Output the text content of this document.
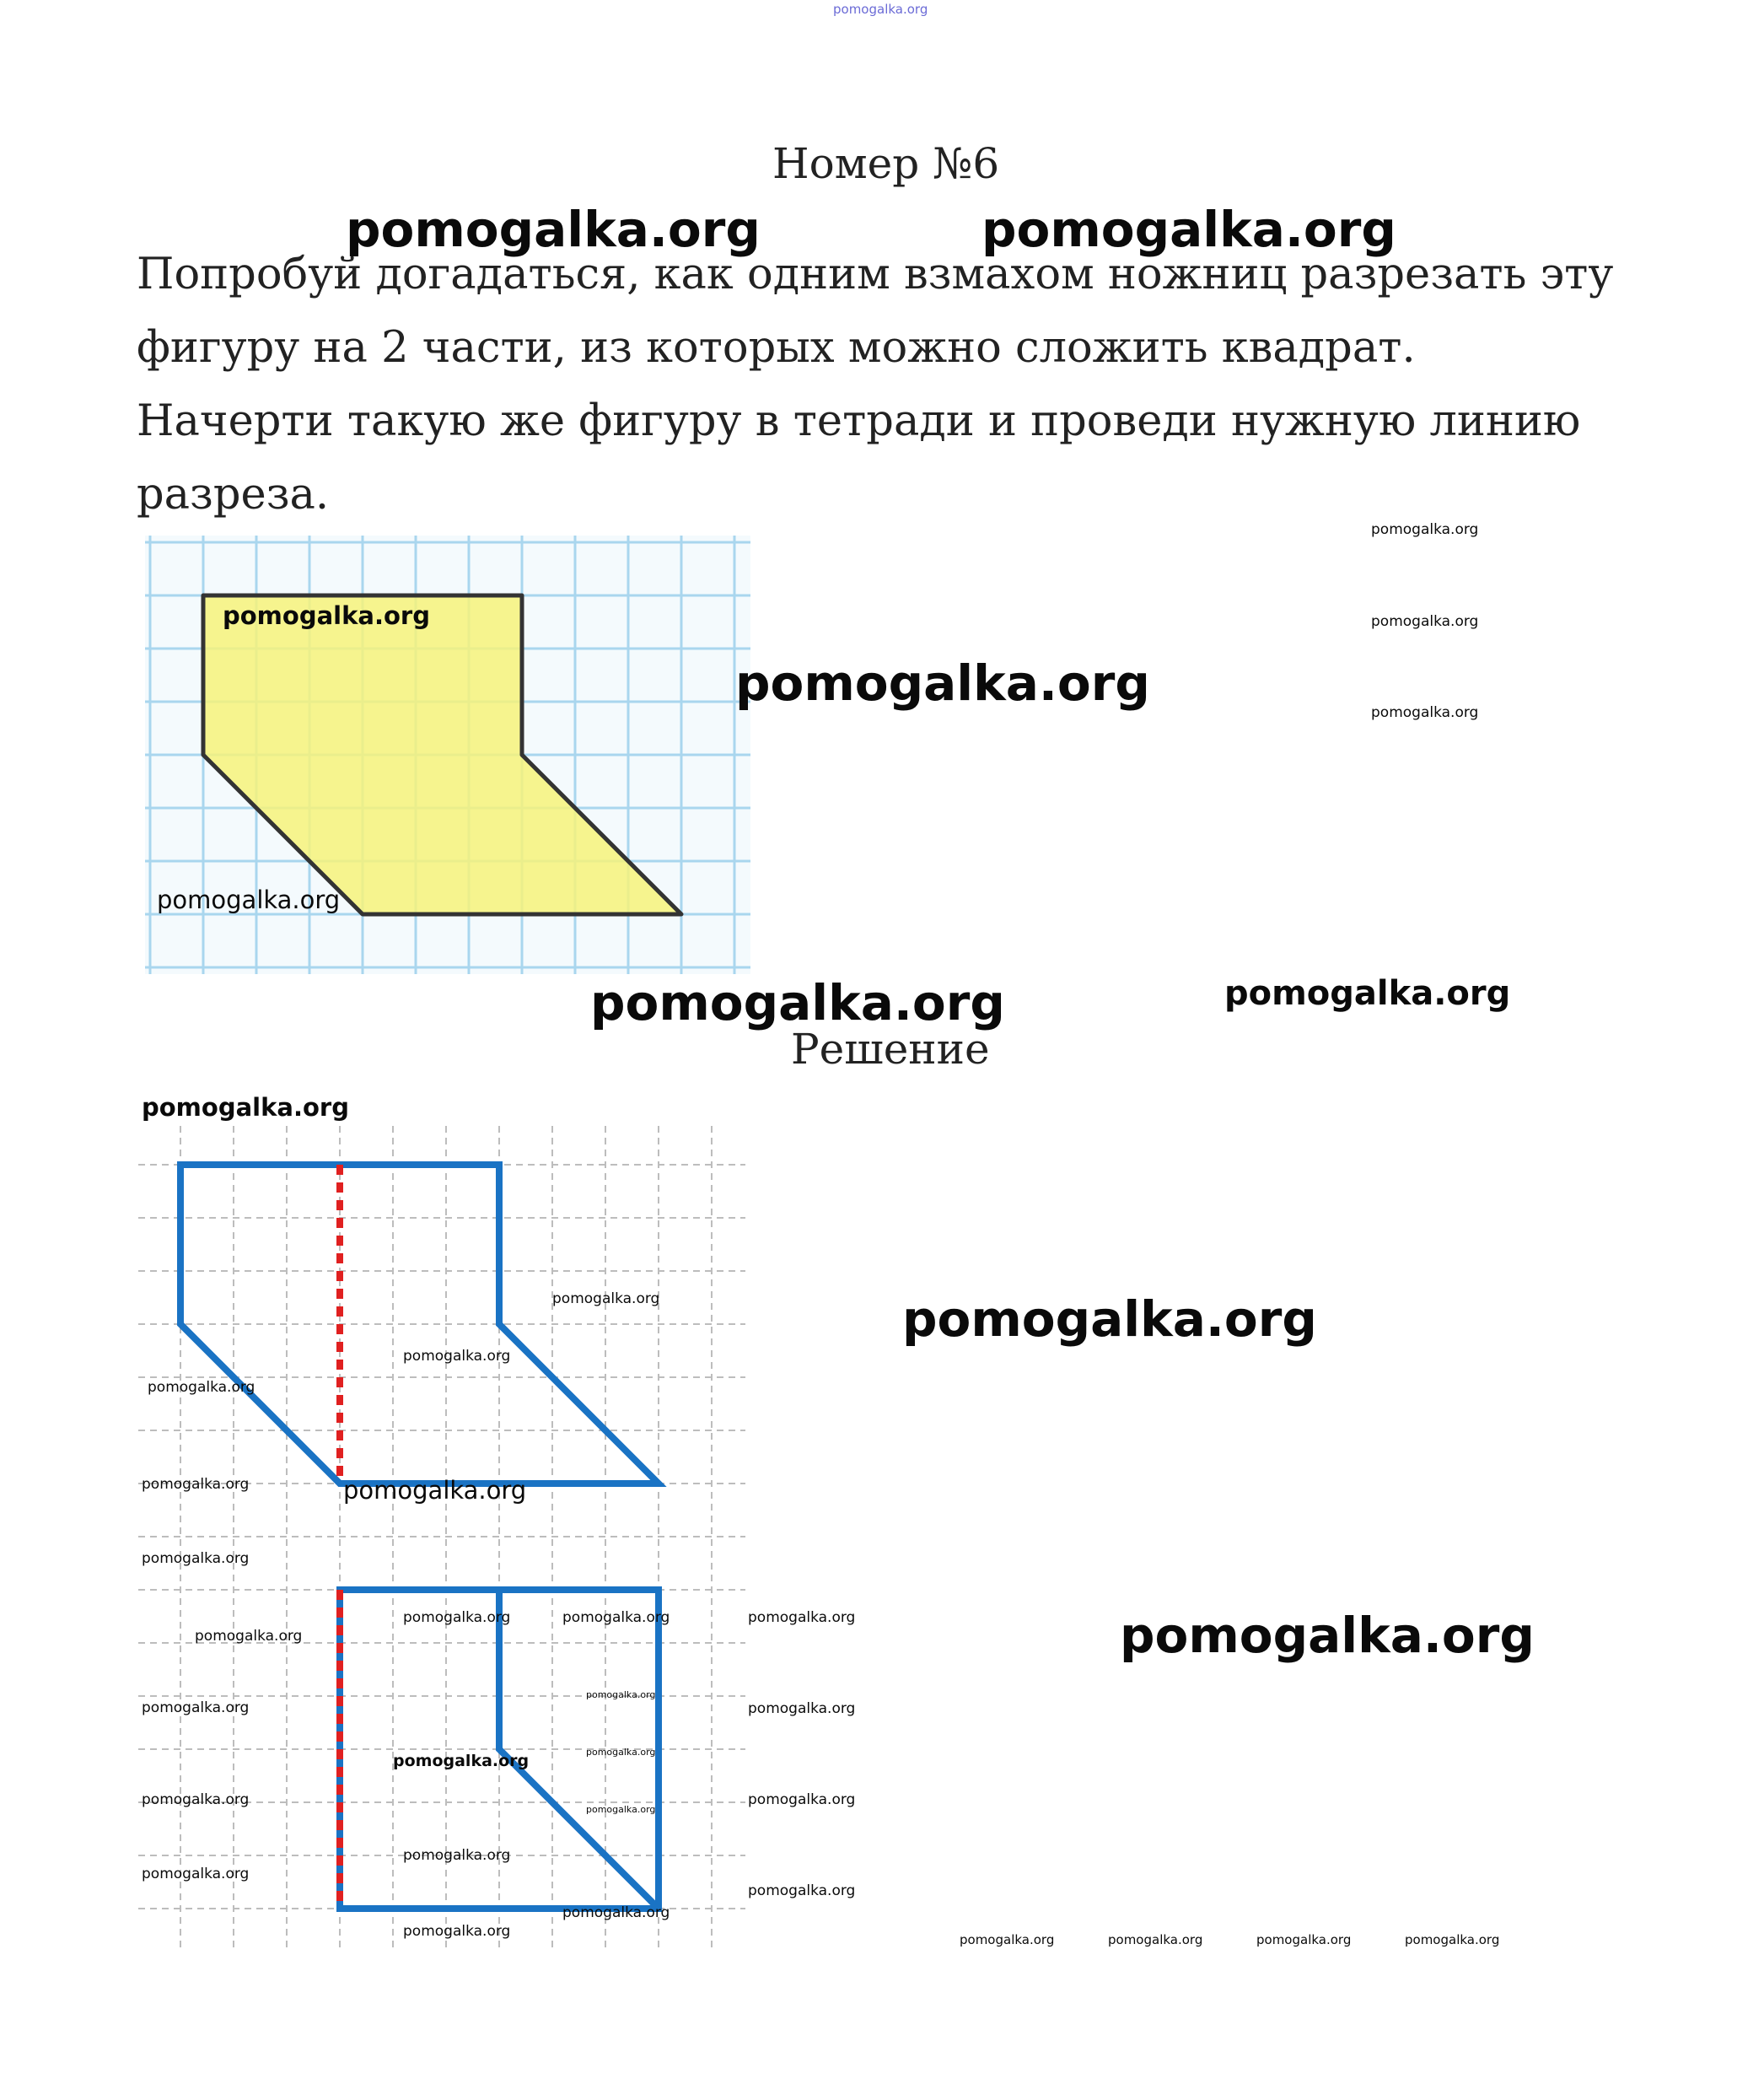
pomogalka.org
Номер №6
Попробуй догадаться, как одним взмахом ножниц разрезать эту
фигуру на 2 части, из которых можно сложить квадрат.
Начерти такую же фигуру в тетради и проведи нужную линию
разреза.
Решение
pomogalka.org	pomogalka.org
pomogalka.org
pomogalka.org
pomogalka.org
pomogalka.org
pomogalka.org
pomogalka.org
pomogalka.org	pomogalka.org
pomogalka.org
pomogalka.org
pomogalka.org
pomogalka.org
pomogalka.org
pomogalka.org
pomogalka.org	pomogalka.org
pomogalka.org
pomogalka.org	pomogalka.org
pomogalka.org
pomogalka.org
pomogalka.org
pomogalka.org
pomogalka.org
pomogalka.org
pomogalka.org
pomogalka.org
pomogalka.org
pomogalka.org
pomogalka.org
pomogalka.org
pomogalka.org
pomogalka.org
pomogalka.org	pomogalka.org	pomogalka.org	pomogalka.org	pomogalka.org
